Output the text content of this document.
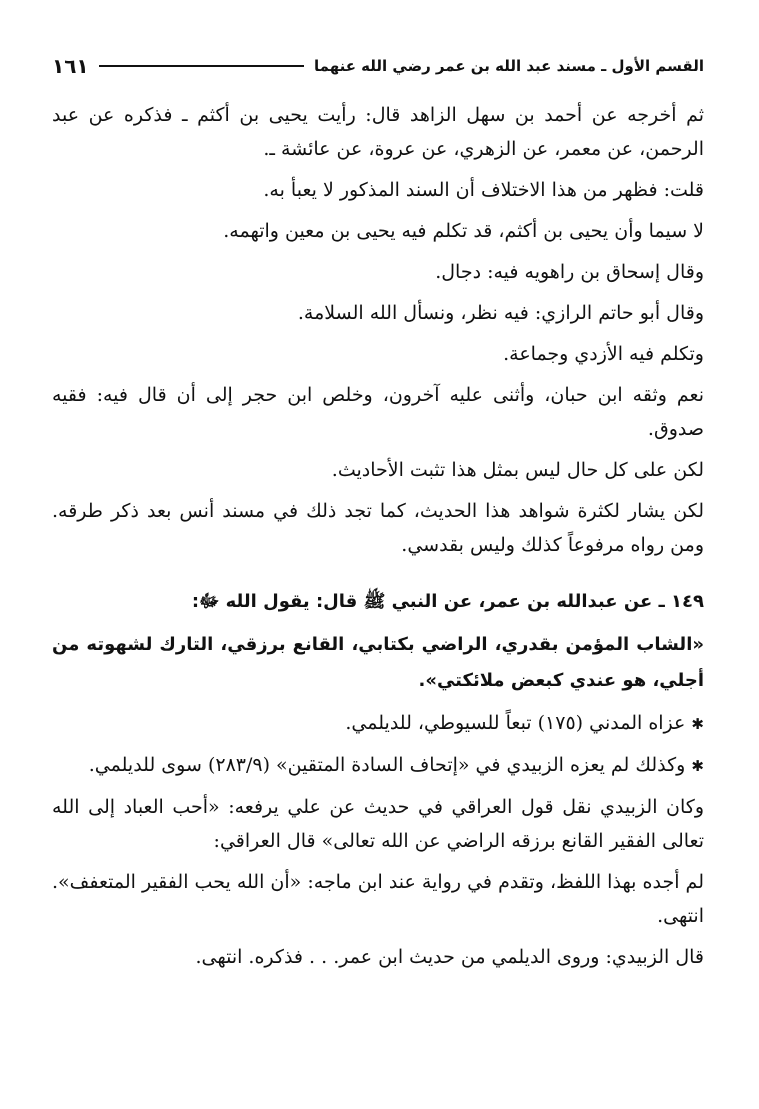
القسم الأول ـ مسند عبد الله بن عمر رضي الله عنهما
١٦١

ثم أخرجه عن أحمد بن سهل الزاهد قال: رأيت يحيى بن أكثم ـ فذكره عن عبد الرحمن، عن معمر، عن الزهري، عن عروة، عن عائشة ـ.

قلت: فظهر من هذا الاختلاف أن السند المذكور لا يعبأ به.

لا سيما وأن يحيى بن أكثم، قد تكلم فيه يحيى بن معين واتهمه.

وقال إسحاق بن راهويه فيه: دجال.

وقال أبو حاتم الرازي: فيه نظر، ونسأل الله السلامة.

وتكلم فيه الأزدي وجماعة.

نعم وثقه ابن حبان، وأثنى عليه آخرون، وخلص ابن حجر إلى أن قال فيه: فقيه صدوق.

لكن على كل حال ليس بمثل هذا تثبت الأحاديث.

لكن يشار لكثرة شواهد هذا الحديث، كما تجد ذلك في مسند أنس بعد ذكر طرقه. ومن رواه مرفوعاً كذلك وليس بقدسي.

١٤٩ ـ عن عبدالله بن عمر، عن النبي ﷺ قال: يقول الله ﷻ:

«الشاب المؤمن بقدري، الراضي بكتابي، القانع برزقي، التارك لشهوته من أجلي، هو عندي كبعض ملائكتي».

✱ عزاه المدني (١٧٥) تبعاً للسيوطي، للديلمي.

✱ وكذلك لم يعزه الزبيدي في «إتحاف السادة المتقين» (٢٨٣/٩) سوى للديلمي.

وكان الزبيدي نقل قول العراقي في حديث عن علي يرفعه: «أحب العباد إلى الله تعالى الفقير القانع برزقه الراضي عن الله تعالى» قال العراقي:

لم أجده بهذا اللفظ، وتقدم في رواية عند ابن ماجه: «أن الله يحب الفقير المتعفف». انتهى.

قال الزبيدي: وروى الديلمي من حديث ابن عمر. . . فذكره. انتهى.
